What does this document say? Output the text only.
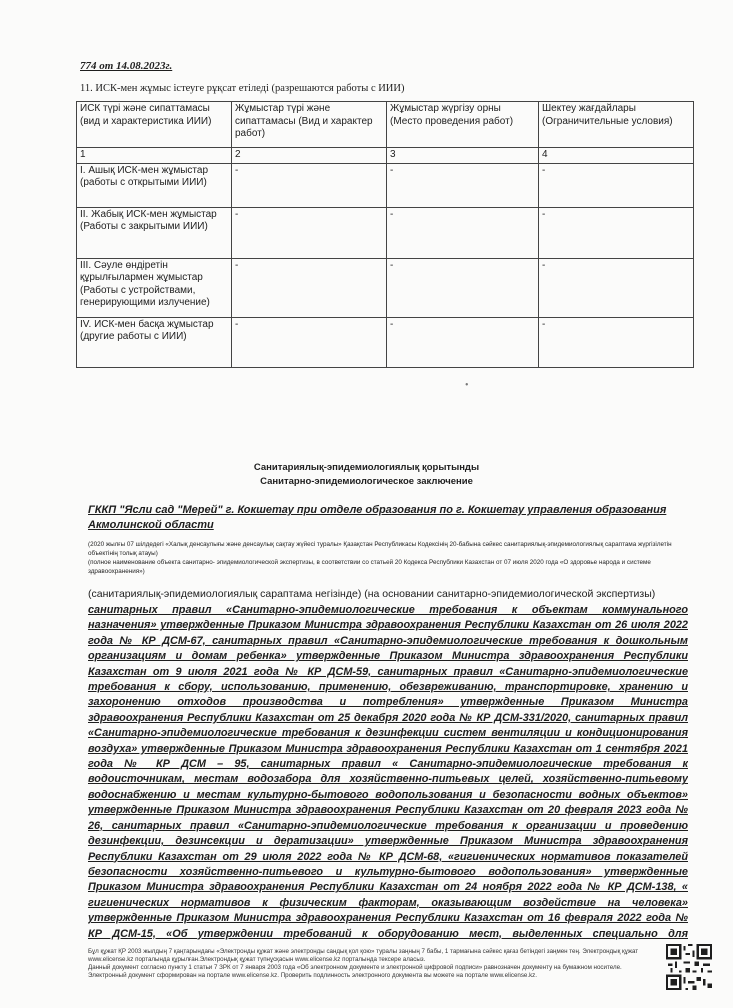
774 от 14.08.2023г.
11. ИСК-мен жұмыс істеуге рұқсат етіледі (разрешаются работы с ИИИ)
ИСК түрі және сипаттамасы (вид и характеристика ИИИ)	Жұмыстар түрі және сипаттамасы (Вид и характер работ)	Жұмыстар жүргізу орны (Место проведения работ)	Шектеу жағдайлары (Ограничительные условия)
1	2	3	4
I. Ашық ИСК-мен жұмыстар (работы с открытыми ИИИ)	-	-	-
II. Жабық ИСК-мен жұмыстар (Работы с закрытыми ИИИ)	-	-	-
III. Сәуле өндіретін құрылғылармен жұмыстар (Работы с устройствами, генерирующими излучение)	-	-	-
IV. ИСК-мен басқа жұмыстар (другие работы с ИИИ)	-	-	-
•
Санитариялық-эпидемиологиялық қорытынды
Санитарно-эпидемиологическое заключение
ГККП "Ясли сад "Мерей" г. Кокшетау при отделе образования по г. Кокшетау управления образования Акмолинской области
(2020 жылғы 07 шілдедегі «Халық денсаулығы және денсаулық сақтау жүйесі туралы» Қазақстан Республикасы Кодексінің 20-бабына сәйкес санитариялық-эпидемиологиялық сараптама жүргізілетін объектінің толық атауы)
(полное наименование объекта санитарно- эпидемиологической экспертизы, в соответствии со статьей 20 Кодекса Республики Казахстан от 07 июля 2020 года «О здоровье народа и системе здравоохранения»)
(санитариялық-эпидемиологиялық сараптама негізінде) (на основании санитарно-эпидемиологической экспертизы)
санитарных правил «Санитарно-эпидемиологические требования к объектам коммунального назначения» утвержденные Приказом Министра здравоохранения Республики Казахстан от 26 июля 2022 года № КР ДСМ-67, санитарных правил «Санитарно-эпидемиологические требования к дошкольным организациям и домам ребенка» утвержденные Приказом Министра здравоохранения Республики Казахстан от 9 июля 2021 года № КР ДСМ-59, санитарных правил «Санитарно-эпидемиологические требования к сбору, использованию, применению, обезвреживанию, транспортировке, хранению и захоронению отходов производства и потребления» утвержденные Приказом Министра здравоохранения Республики Казахстан от 25 декабря 2020 года № КР ДСМ-331/2020, санитарных правил «Санитарно-эпидемиологические требования к дезинфекции систем вентиляции и кондиционирования воздуха» утвержденные Приказом Министра здравоохранения Республики Казахстан от 1 сентября 2021 года № КР ДСМ – 95, санитарных правил « Санитарно-эпидемиологические требования к водоисточникам, местам водозабора для хозяйственно-питьевых целей, хозяйственно-питьевому водоснабжению и местам культурно-бытового водопользования и безопасности водных объектов» утвержденные Приказом Министра здравоохранения Республики Казахстан от 20 февраля 2023 года № 26, санитарных правил «Санитарно-эпидемиологические требования к организации и проведению дезинфекции, дезинсекции и дератизации» утвержденные Приказом Министра здравоохранения Республики Казахстан от 29 июля 2022 года № КР ДСМ-68, «гигиенических нормативов показателей безопасности хозяйственно-питьевого и культурно-бытового водопользования» утвержденные Приказом Министра здравоохранения Республики Казахстан от 24 ноября 2022 года № КР ДСМ-138, « гигиенических нормативов к физическим факторам, оказывающим воздействие на человека» утвержденные Приказом Министра здравоохранения Республики Казахстан от 16 февраля 2022 года № КР ДСМ-15, «Об утверждении требований к оборудованию мест, выделенных специально для
Бұл құжат ҚР 2003 жылдың 7 қаңтарындағы «Электронды құжат және электронды сандық қол қою» туралы заңның 7 бабы, 1 тармағына сәйкес қағаз бетіндегі заңмен тең. Электрондық құжат www.elicense.kz порталында құрылған.Электрондық құжат түпнұсқасын www.elicense.kz порталында тексере аласыз.
Данный документ согласно пункту 1 статьи 7 ЗРК от 7 января 2003 года «Об электронном документе и электронной цифровой подписи» равнозначен документу на бумажном носителе. Электронный документ сформирован на портале www.elicense.kz. Проверить подлинность электронного документа вы можете на портале www.elicense.kz.
